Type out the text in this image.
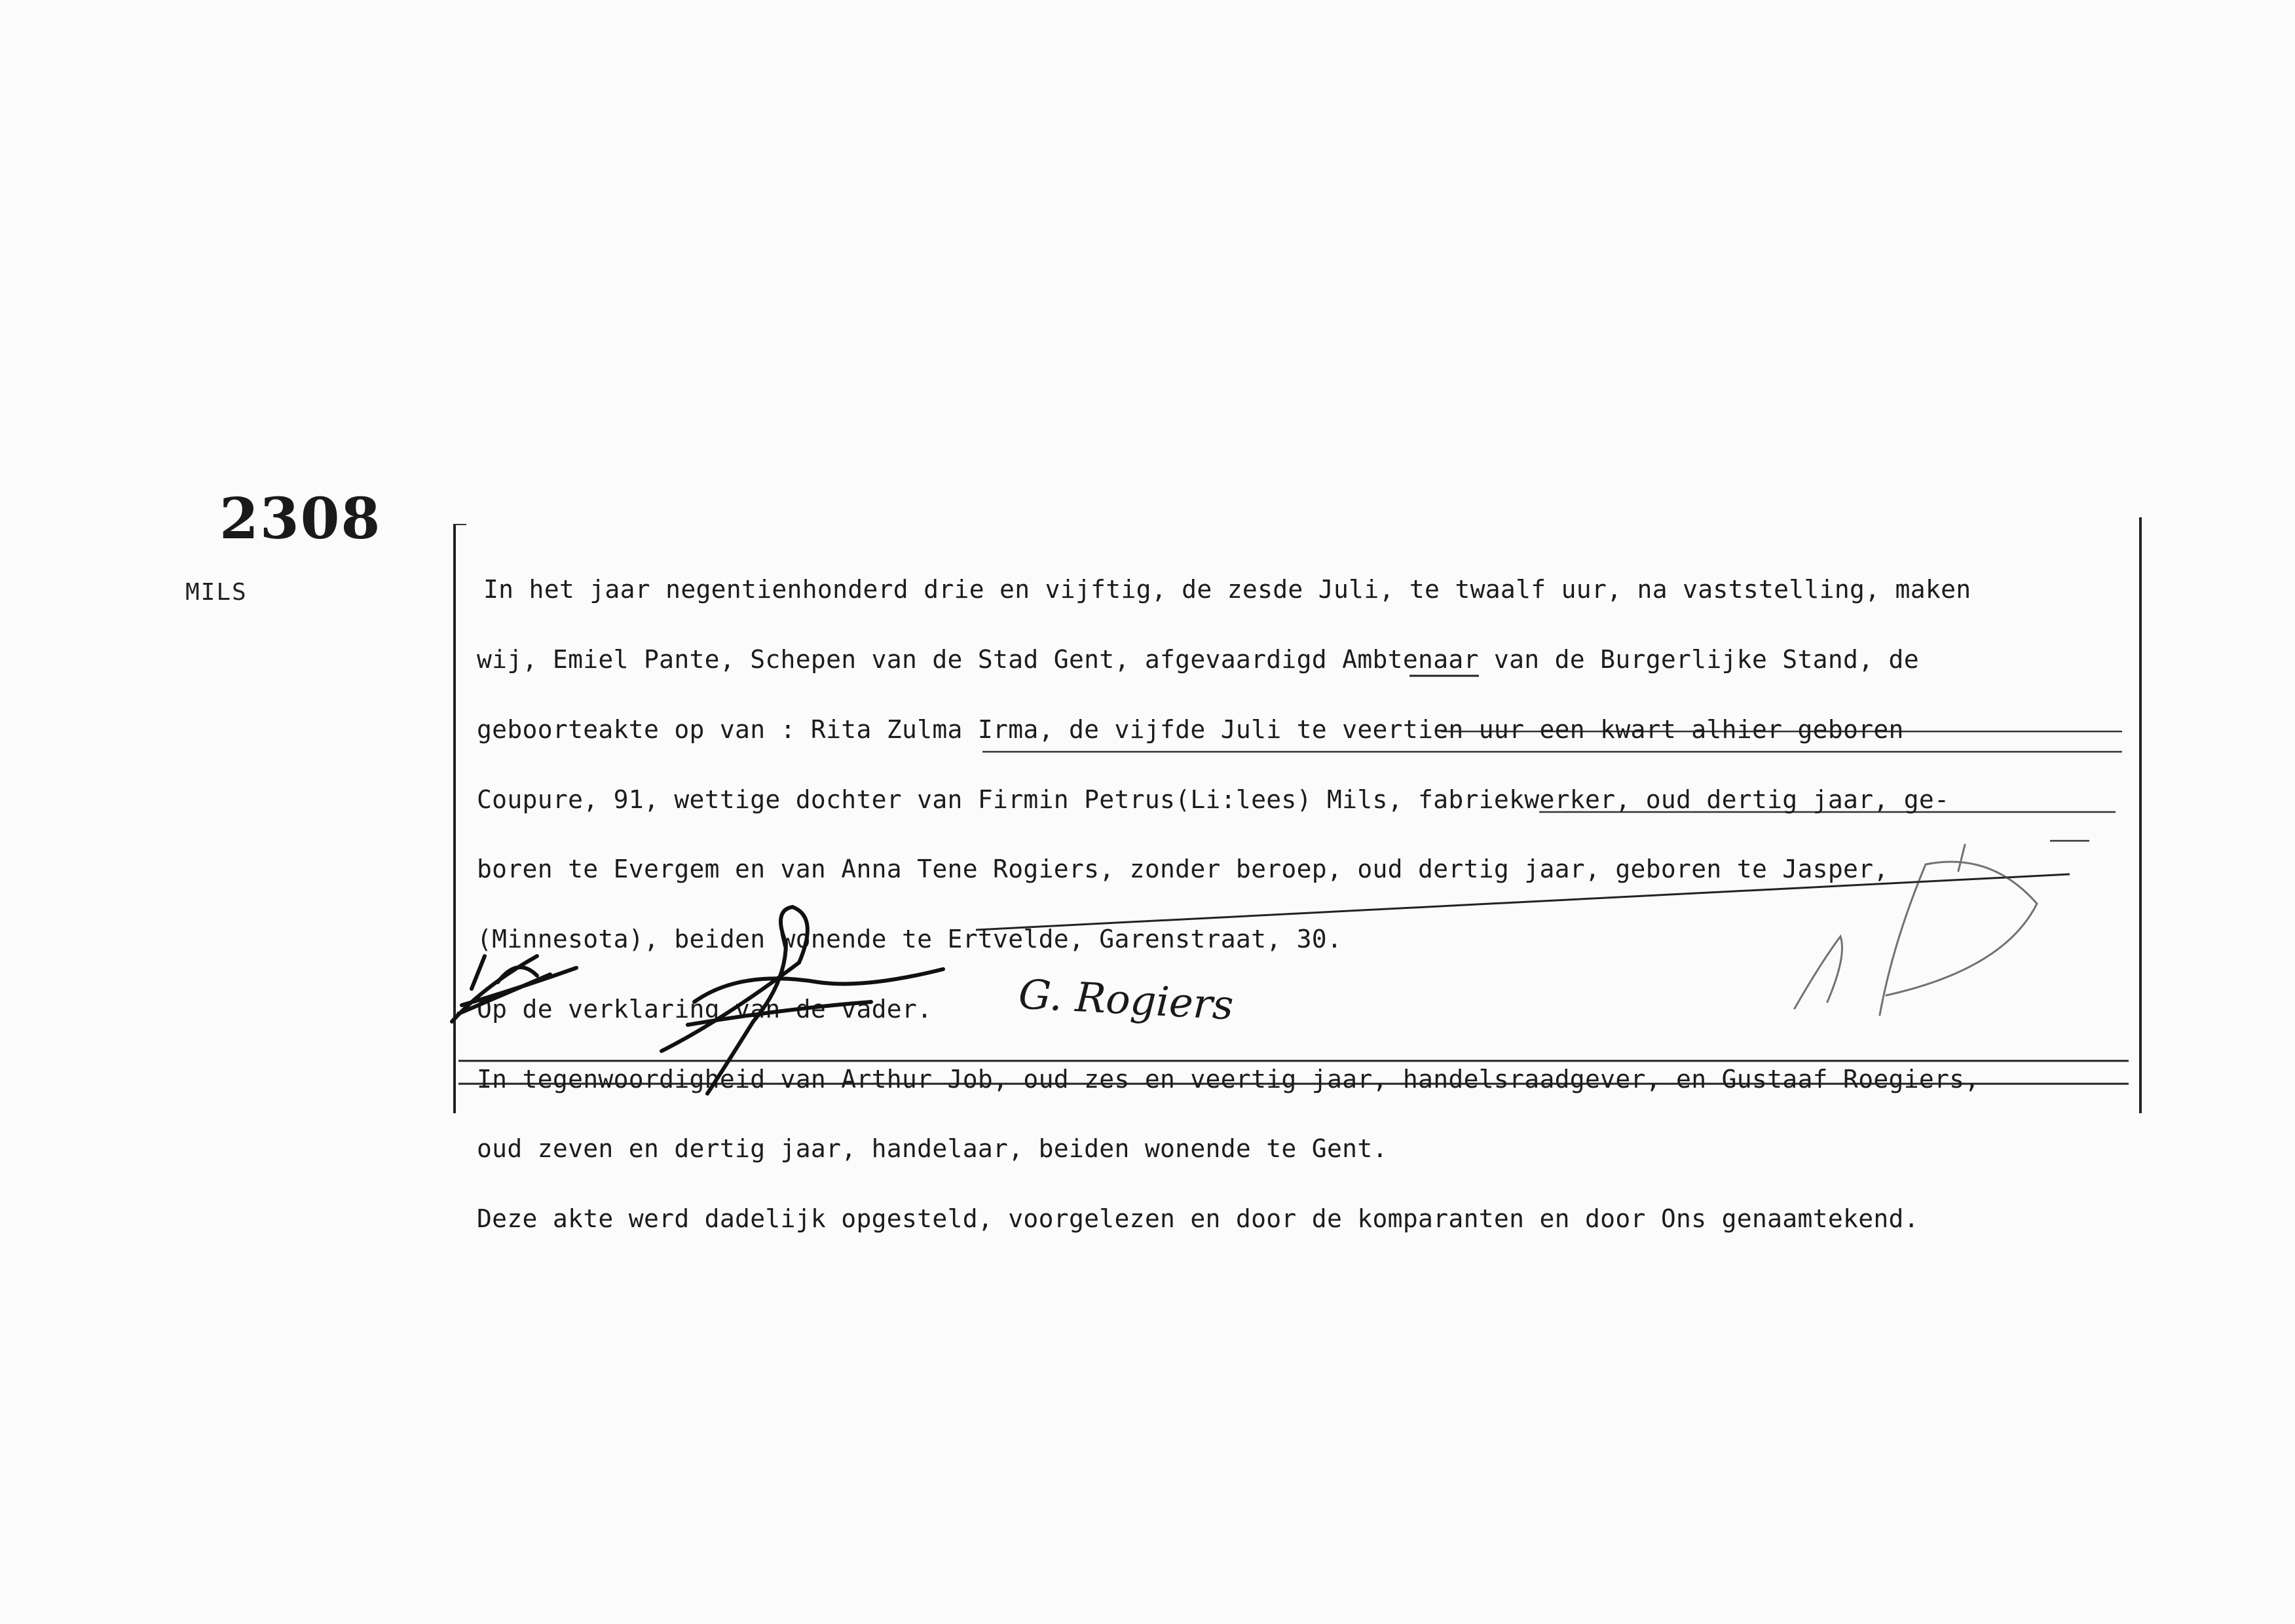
2308
MILS

	In het jaar negentienhonderd drie en vijftig, de zesde Juli, te twaalf uur, na vaststelling, maken

wij, Emiel Pante, Schepen van de Stad Gent, afgevaardigd Ambtenaar van de Burgerlijke Stand, de

geboorteakte op van : Rita Zulma Irma, de vijfde Juli te veertien uur een kwart alhier geboren

Coupure, 91, wettige dochter van Firmin Petrus(Li:lees) Mils, fabriekwerker, oud dertig jaar, ge-

boren te Evergem en van Anna Tene Rogiers, zonder beroep, oud dertig jaar, geboren te Jasper,

(Minnesota), beiden wonende te Ertvelde, Garenstraat, 30.

Op de verklaring van de vader.

In tegenwoordigheid van Arthur Job, oud zes en veertig jaar, handelsraadgever, en Gustaaf Roegiers,

oud zeven en dertig jaar, handelaar, beiden wonende te Gent.

Deze akte werd dadelijk opgesteld, voorgelezen en door de komparanten en door Ons genaamtekend.

G. Rogiers
